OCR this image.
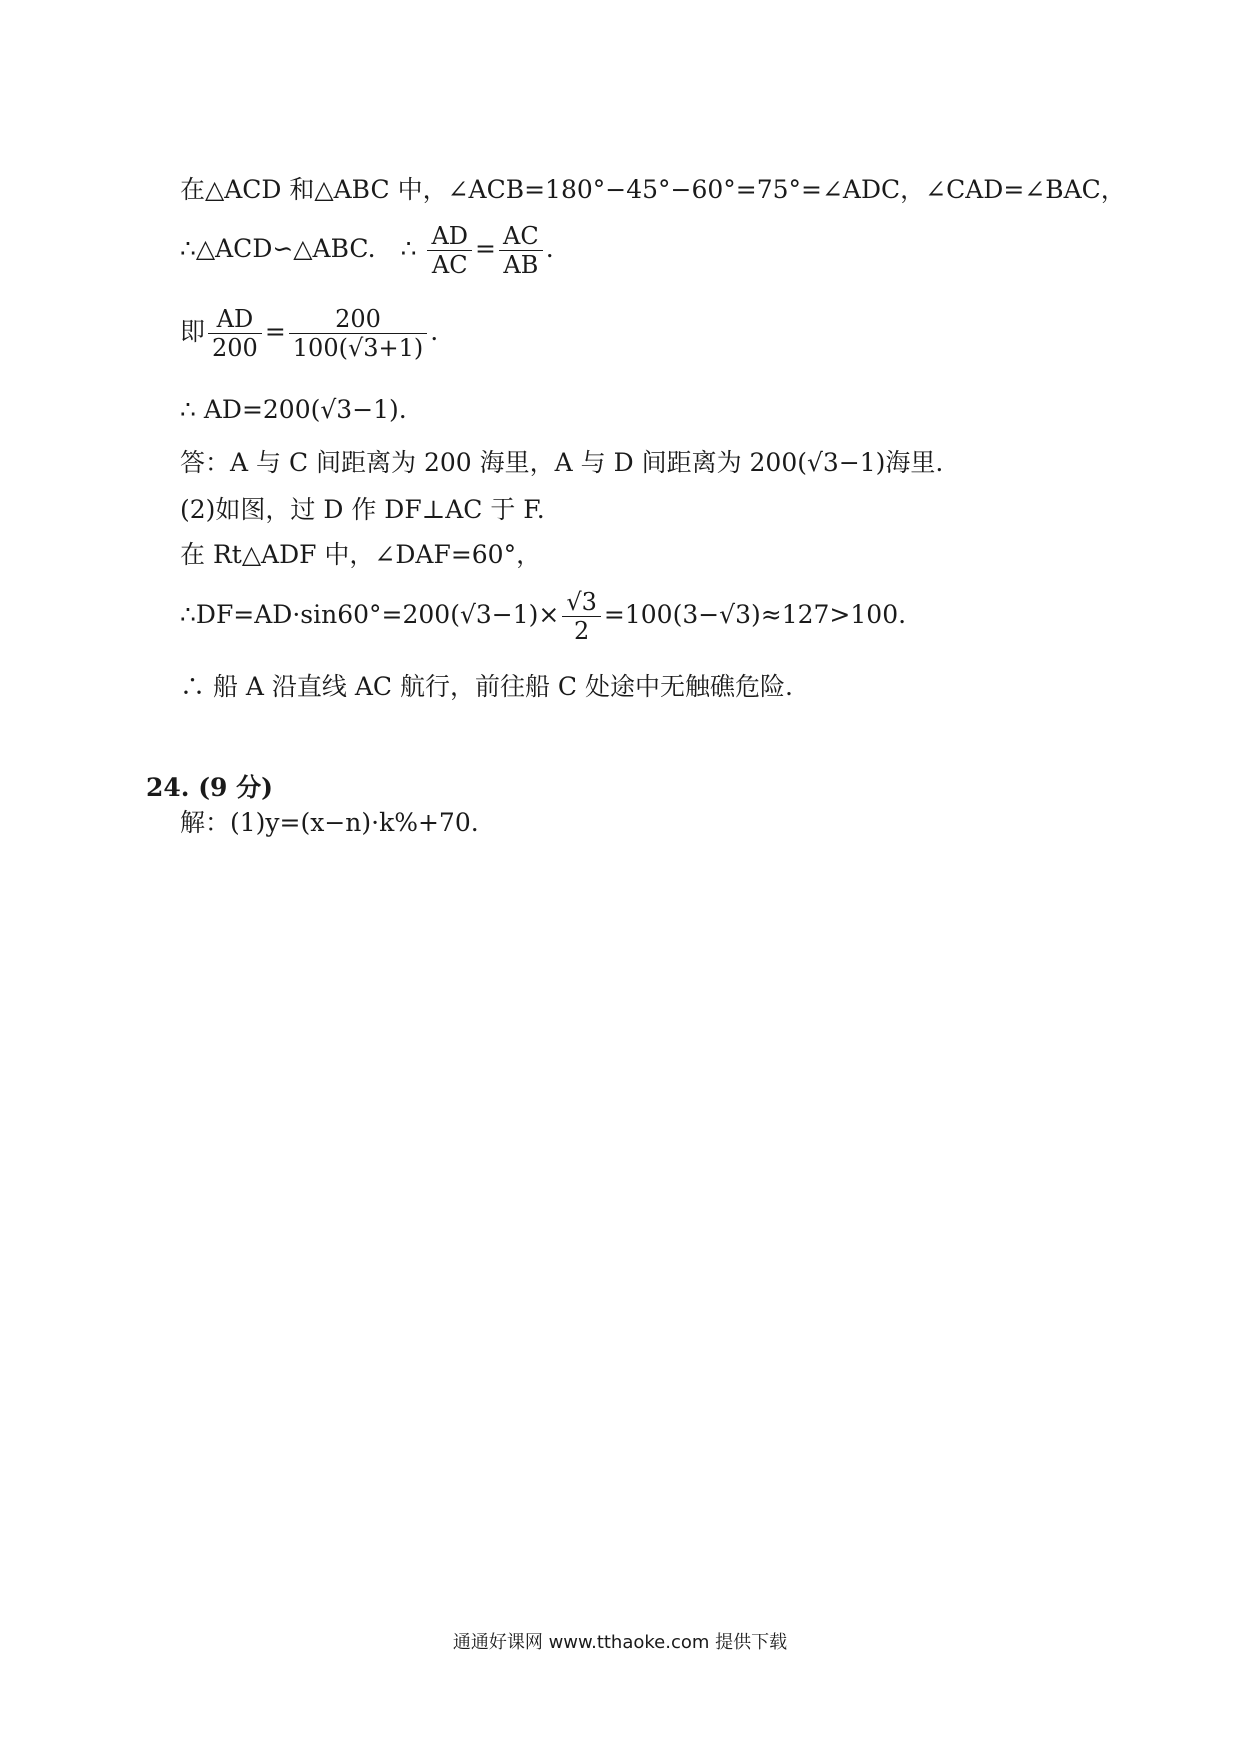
在△ACD 和△ABC 中，∠ACB=180°−45°−60°=75°=∠ADC，∠CAD=∠BAC，
∴△ACD∽△ABC.　∴ $\frac{AD}{AC} = \frac{AC}{AB}$ .
即 $\frac{AD}{200} = \frac{200}{100(√3+1)}$ .
∴ AD=200(√3−1).
答：A 与 C 间距离为 200 海里，A 与 D 间距离为 200(√3−1)海里.
(2)如图，过 D 作 DF⊥AC 于 F.
在 Rt△ADF 中，∠DAF=60°，
∴DF=AD·sin60°=200(√3−1)× $\frac{√3}{2} =100(3-√3)\approx 127>100$.
∴ 船 A 沿直线 AC 航行，前往船 C 处途中无触礁危险.
24. (9 分)
解：(1)y=(x−n)·k%+70.
通通好课网 www.tthaoke.com 提供下载
